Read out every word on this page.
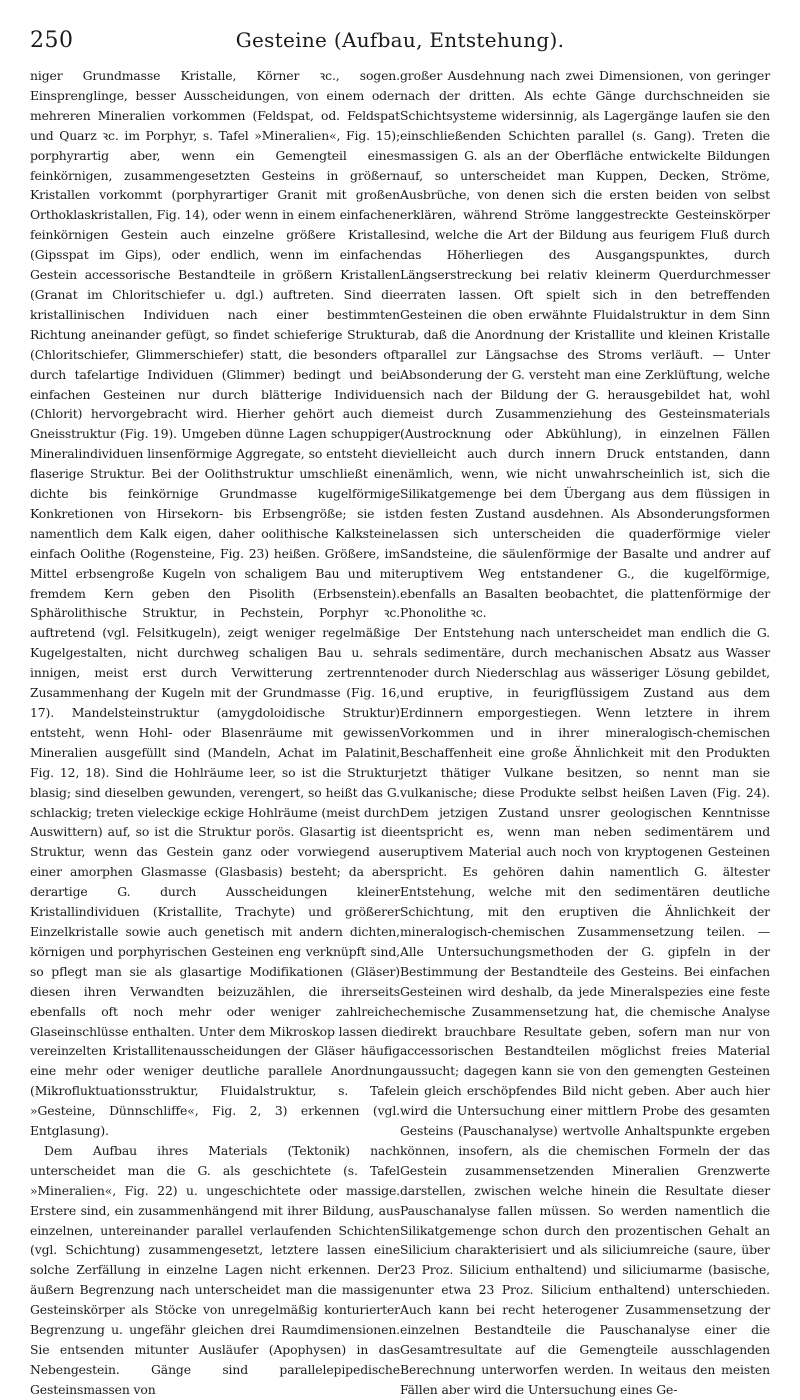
250	Gesteine (Aufbau, Entstehung).

niger Grundmasse Kristalle, Körner ꝛc., sogen. Einsprenglinge, besser Ausscheidungen, von einem oder mehreren Mineralien vorkommen (Feldspat, od. Feldspat und Quarz ꝛc. im Porphyr, s. Tafel »Mineralien«, Fig. 15); porphyrartig aber, wenn ein Gemengteil eines feinkörnigen, zusammengesetzten Gesteins in größern Kristallen vorkommt (porphyrartiger Granit mit großen Orthoklaskristallen, Fig. 14), oder wenn in einem einfachen feinkörnigen Gestein auch einzelne größere Kristalle (Gipsspat im Gips), oder endlich, wenn im einfachen Gestein accessorische Bestandteile in größern Kristallen (Granat im Chloritschiefer u. dgl.) auftreten. Sind die kristallinischen Individuen nach einer bestimmten Richtung aneinander gefügt, so findet schieferige Struktur (Chloritschiefer, Glimmerschiefer) statt, die besonders oft durch tafelartige Individuen (Glimmer) bedingt und bei einfachen Gesteinen nur durch blätterige Individuen (Chlorit) hervorgebracht wird. Hierher gehört auch die Gneisstruktur (Fig. 19). Umgeben dünne Lagen schuppiger Mineralindividuen linsenförmige Aggregate, so entsteht die flaserige Struktur. Bei der Oolithstruktur umschließt eine dichte bis feinkörnige Grundmasse kugelförmige Konkretionen von Hirsekorn- bis Erbsengröße; sie ist namentlich dem Kalk eigen, daher oolithische Kalksteine einfach Oolithe (Rogensteine, Fig. 23) heißen. Größere, im Mittel erbsengroße Kugeln von schaligem Bau und mit fremdem Kern geben den Pisolith (Erbsenstein). Sphärolithische Struktur, in Pechstein, Porphyr ꝛc. auftretend (vgl. Felsitkugeln), zeigt weniger regelmäßige Kugelgestalten, nicht durchweg schaligen Bau u. sehr innigen, meist erst durch Verwitterung zertrennten Zusammenhang der Kugeln mit der Grundmasse (Fig. 16, 17). Mandelsteinstruktur (amygdoloidische Struktur) entsteht, wenn Hohl- oder Blasenräume mit gewissen Mineralien ausgefüllt sind (Mandeln, Achat im Palatinit, Fig. 12, 18). Sind die Hohlräume leer, so ist die Struktur blasig; sind dieselben gewunden, verengert, so heißt das G. schlackig; treten vieleckige eckige Hohlräume (meist durch Auswittern) auf, so ist die Struktur porös. Glasartig ist die Struktur, wenn das Gestein ganz oder vorwiegend aus einer amorphen Glasmasse (Glasbasis) besteht; da aber derartige G. durch Ausscheidungen kleiner Kristallindividuen (Kristallite, Trachyte) und größerer Einzelkristalle sowie auch genetisch mit andern dichten, körnigen und porphyrischen Gesteinen eng verknüpft sind, so pflegt man sie als glasartige Modifikationen (Gläser) diesen ihren Verwandten beizuzählen, die ihrerseits ebenfalls oft noch mehr oder weniger zahlreiche Glaseinschlüsse enthalten. Unter dem Mikroskop lassen die vereinzelten Kristallitenausscheidungen der Gläser häufig eine mehr oder weniger deutliche parallele Anordnung (Mikrofluktuationsstruktur, Fluidalstruktur, s. Tafel »Gesteine, Dünnschliffe«, Fig. 2, 3) erkennen (vgl. Entglasung).

Dem Aufbau ihres Materials (Tektonik) nach unterscheidet man die G. als geschichtete (s. Tafel »Mineralien«, Fig. 22) u. ungeschichtete oder massige. Erstere sind, ein zusammenhängend mit ihrer Bildung, aus einzelnen, untereinander parallel verlaufenden Schichten (vgl. Schichtung) zusammengesetzt, letztere lassen eine solche Zerfällung in einzelne Lagen nicht erkennen. Der äußern Begrenzung nach unterscheidet man die massigen Gesteinskörper als Stöcke von unregelmäßig konturierter Begrenzung u. ungefähr gleichen drei Raumdimensionen. Sie entsenden mitunter Ausläufer (Apophysen) in das Nebengestein. Gänge sind parallelepipedische Gesteinsmassen von

großer Ausdehnung nach zwei Dimensionen, von geringer nach der dritten. Als echte Gänge durchschneiden sie Schichtsysteme widersinnig, als Lagergänge laufen sie den einschließenden Schichten parallel (s. Gang). Treten die massigen G. als an der Oberfläche entwickelte Bildungen auf, so unterscheidet man Kuppen, Decken, Ströme, Ausbrüche, von denen sich die ersten beiden von selbst erklären, während Ströme langgestreckte Gesteinskörper sind, welche die Art der Bildung aus feurigem Fluß durch das Höherliegen des Ausgangspunktes, durch Längserstreckung bei relativ kleinerm Querdurchmesser erraten lassen. Oft spielt sich in den betreffenden Gesteinen die oben erwähnte Fluidalstruktur in dem Sinn ab, daß die Anordnung der Kristallite und kleinen Kristalle parallel zur Längsachse des Stroms verläuft. — Unter Absonderung der G. versteht man eine Zerklüftung, welche sich nach der Bildung der G. herausgebildet hat, wohl meist durch Zusammenziehung des Gesteinsmaterials (Austrocknung oder Abkühlung), in einzelnen Fällen vielleicht auch durch innern Druck entstanden, dann nämlich, wenn, wie nicht unwahrscheinlich ist, sich die Silikatgemenge bei dem Übergang aus dem flüssigen in den festen Zustand ausdehnen. Als Absonderungsformen lassen sich unterscheiden die quaderförmige vieler Sandsteine, die säulenförmige der Basalte und andrer auf eruptivem Weg entstandener G., die kugelförmige, ebenfalls an Basalten beobachtet, die plattenförmige der Phonolithe ꝛc.

Der Entstehung nach unterscheidet man endlich die G. als sedimentäre, durch mechanischen Absatz aus Wasser oder durch Niederschlag aus wässeriger Lösung gebildet, und eruptive, in feurigflüssigem Zustand aus dem Erdinnern emporgestiegen. Wenn letztere in ihrem Vorkommen und in ihrer mineralogisch-chemischen Beschaffenheit eine große Ähnlichkeit mit den Produkten jetzt thätiger Vulkane besitzen, so nennt man sie vulkanische; diese Produkte selbst heißen Laven (Fig. 24). Dem jetzigen Zustand unsrer geologischen Kenntnisse entspricht es, wenn man neben sedimentärem und eruptivem Material auch noch von kryptogenen Gesteinen spricht. Es gehören dahin namentlich G. ältester Entstehung, welche mit den sedimentären deutliche Schichtung, mit den eruptiven die Ähnlichkeit der mineralogisch-chemischen Zusammensetzung teilen. — Alle Untersuchungsmethoden der G. gipfeln in der Bestimmung der Bestandteile des Gesteins. Bei einfachen Gesteinen wird deshalb, da jede Mineralspezies eine feste chemische Zusammensetzung hat, die chemische Analyse direkt brauchbare Resultate geben, sofern man nur von accessorischen Bestandteilen möglichst freies Material aussucht; dagegen kann sie von den gemengten Gesteinen ein gleich erschöpfendes Bild nicht geben. Aber auch hier wird die Untersuchung einer mittlern Probe des gesamten Gesteins (Pauschanalyse) wertvolle Anhaltspunkte ergeben können, insofern, als die chemischen Formeln der das Gestein zusammensetzenden Mineralien Grenzwerte darstellen, zwischen welche hinein die Resultate dieser Pauschanalyse fallen müssen. So werden namentlich die Silikatgemenge schon durch den prozentischen Gehalt an Silicium charakterisiert und als siliciumreiche (saure, über 23 Proz. Silicium enthaltend) und siliciumarme (basische, unter etwa 23 Proz. Silicium enthaltend) unterschieden. Auch kann bei recht heterogener Zusammensetzung der einzelnen Bestandteile die Pauschanalyse einer die Gesamtresultate auf die Gemengteile ausschlagenden Berechnung unterworfen werden. In weitaus den meisten Fällen aber wird die Untersuchung eines Ge-
